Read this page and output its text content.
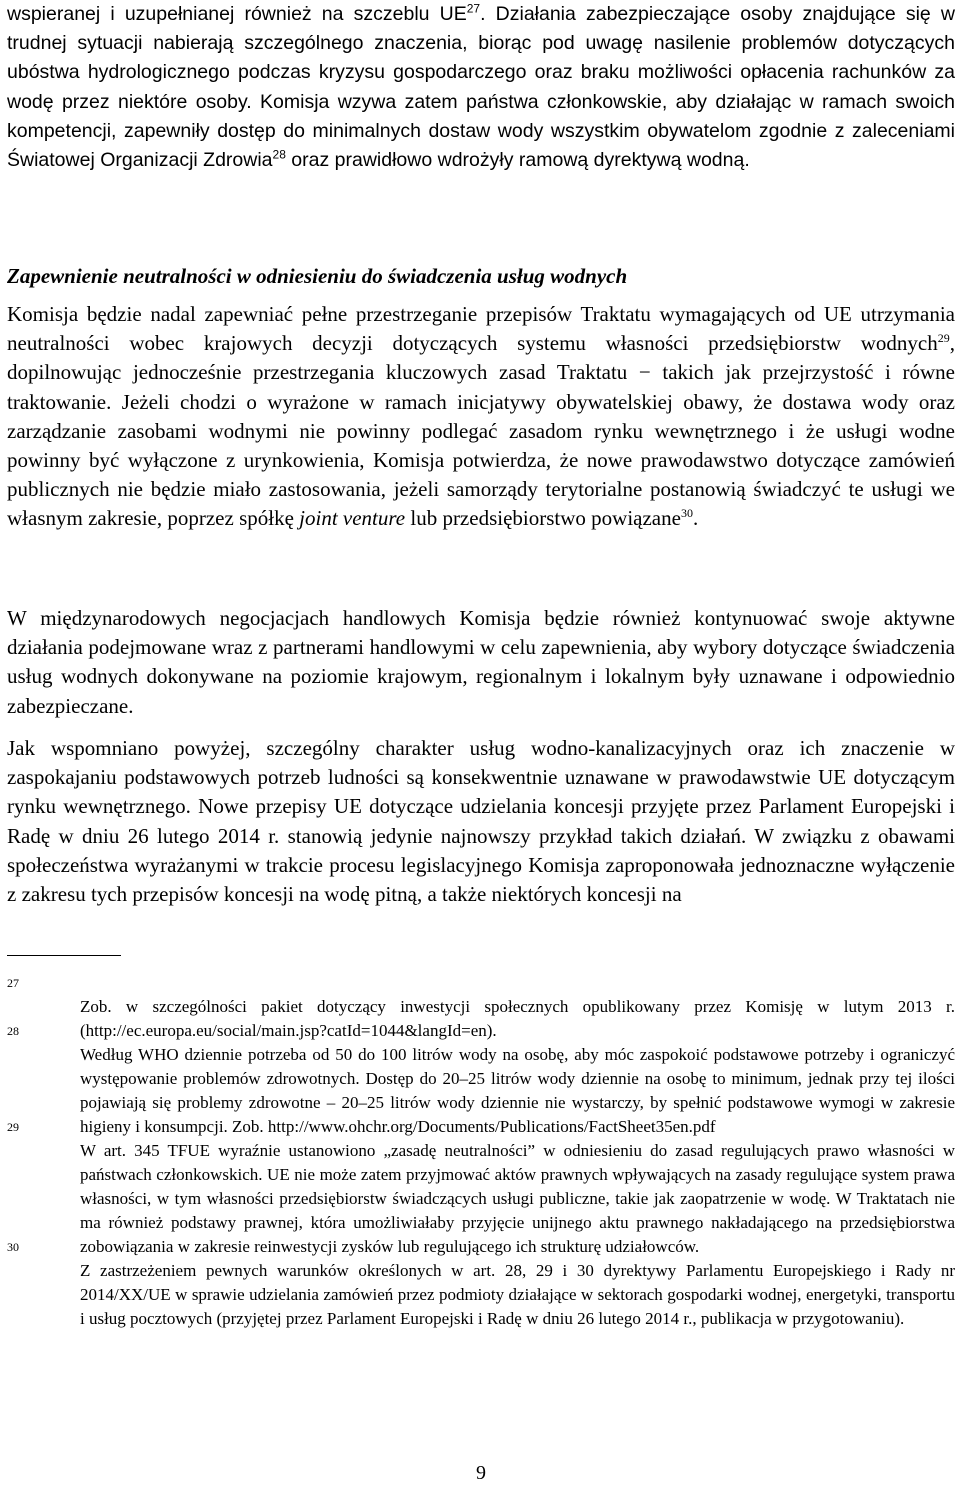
wspieranej i uzupełnianej również na szczeblu UE$^{27}$. Działania zabezpieczające osoby znajdujące się w trudnej sytuacji nabierają szczególnego znaczenia, biorąc pod uwagę nasilenie problemów dotyczących ubóstwa hydrologicznego podczas kryzysu gospodarczego oraz braku możliwości opłacenia rachunków za wodę przez niektóre osoby. Komisja wzywa zatem państwa członkowskie, aby działając w ramach swoich kompetencji, zapewniły dostęp do minimalnych dostaw wody wszystkim obywatelom zgodnie z zaleceniami Światowej Organizacji Zdrowia$^{28}$ oraz prawidłowo wdrożyły ramową dyrektywą wodną.

Zapewnienie neutralności w odniesieniu do świadczenia usług wodnych

Komisja będzie nadal zapewniać pełne przestrzeganie przepisów Traktatu wymagających od UE utrzymania neutralności wobec krajowych decyzji dotyczących systemu własności przedsiębiorstw wodnych$^{29}$, dopilnowując jednocześnie przestrzegania kluczowych zasad Traktatu − takich jak przejrzystość i równe traktowanie. Jeżeli chodzi o wyrażone w ramach inicjatywy obywatelskiej obawy, że dostawa wody oraz zarządzanie zasobami wodnymi nie powinny podlegać zasadom rynku wewnętrznego i że usługi wodne powinny być wyłączone z urynkowienia, Komisja potwierdza, że nowe prawodawstwo dotyczące zamówień publicznych nie będzie miało zastosowania, jeżeli samorządy terytorialne postanowią świadczyć te usługi we własnym zakresie, poprzez spółkę joint venture lub przedsiębiorstwo powiązane$^{30}$.

W międzynarodowych negocjacjach handlowych Komisja będzie również kontynuować swoje aktywne działania podejmowane wraz z partnerami handlowymi w celu zapewnienia, aby wybory dotyczące świadczenia usług wodnych dokonywane na poziomie krajowym, regionalnym i lokalnym były uznawane i odpowiednio zabezpieczane.

Jak wspomniano powyżej, szczególny charakter usług wodno-kanalizacyjnych oraz ich znaczenie w zaspokajaniu podstawowych potrzeb ludności są konsekwentnie uznawane w prawodawstwie UE dotyczącym rynku wewnętrznego. Nowe przepisy UE dotyczące udzielania koncesji przyjęte przez Parlament Europejski i Radę w dniu 26 lutego 2014 r. stanowią jedynie najnowszy przykład takich działań. W związku z obawami społeczeństwa wyrażanymi w trakcie procesu legislacyjnego Komisja zaproponowała jednoznaczne wyłączenie z zakresu tych przepisów koncesji na wodę pitną, a także niektórych koncesji na

27
Zob. w szczególności pakiet dotyczący inwestycji społecznych opublikowany przez Komisję w lutym 2013 r. (http://ec.europa.eu/social/main.jsp?catId=1044&langId=en).
28
Według WHO dziennie potrzeba od 50 do 100 litrów wody na osobę, aby móc zaspokoić podstawowe potrzeby i ograniczyć występowanie problemów zdrowotnych. Dostęp do 20–25 litrów wody dziennie na osobę to minimum, jednak przy tej ilości pojawiają się problemy zdrowotne – 20–25 litrów wody dziennie nie wystarczy, by spełnić podstawowe wymogi w zakresie higieny i konsumpcji. Zob. http://www.ohchr.org/Documents/Publications/FactSheet35en.pdf
29
W art. 345 TFUE wyraźnie ustanowiono „zasadę neutralności” w odniesieniu do zasad regulujących prawo własności w państwach członkowskich. UE nie może zatem przyjmować aktów prawnych wpływających na zasady regulujące system prawa własności, w tym własności przedsiębiorstw świadczących usługi publiczne, takie jak zaopatrzenie w wodę. W Traktatach nie ma również podstawy prawnej, która umożliwiałaby przyjęcie unijnego aktu prawnego nakładającego na przedsiębiorstwa zobowiązania w zakresie reinwestycji zysków lub regulującego ich strukturę udziałowców.
30
Z zastrzeżeniem pewnych warunków określonych w art. 28, 29 i 30 dyrektywy Parlamentu Europejskiego i Rady nr 2014/XX/UE w sprawie udzielania zamówień przez podmioty działające w sektorach gospodarki wodnej, energetyki, transportu i usług pocztowych (przyjętej przez Parlament Europejski i Radę w dniu 26 lutego 2014 r., publikacja w przygotowaniu).
9
